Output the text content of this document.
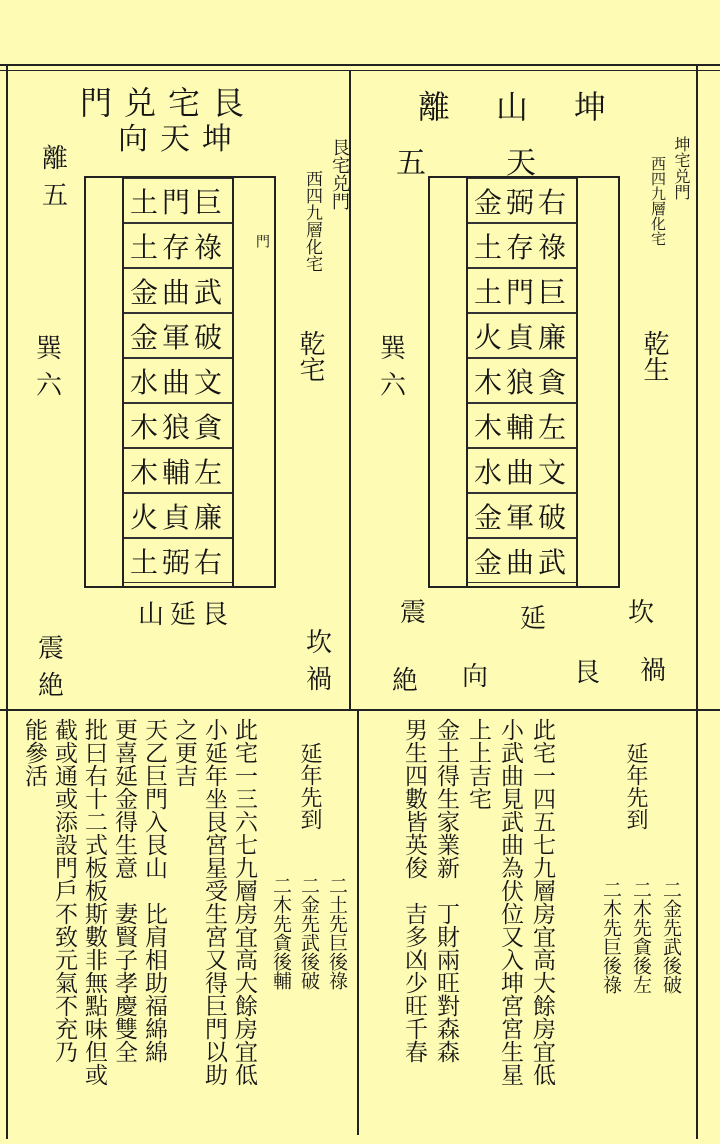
艮宅兑門
坤天向
離五	艮宅兑門
西四九層化宅
門
乾宅
巽六
巨門土
祿存土
武曲金
破軍金
文曲水
貪狼木
左輔木
廉貞火
右弼土
艮延山
震絶
坎禍
坤山離
天五	坤宅兑門
西四九層化宅
乾生
巽六
右弼金
祿存土
巨門土
廉貞火
貪狼木
左輔木
文曲水
破軍金
武曲金
震	延	坎
絶 向	艮 禍
延年先到
二土先巨後祿
二金先武後破
二木先貪後輔
此宅一三六七九層房宜高大餘房宜低
小延年坐艮宮星受生宮又得巨門以助
之更吉
天乙巨門入艮山　比肩相助福綿綿
更喜延金得生意　妻賢子孝慶雙全
批曰右十二式板板斯數非無點味但或
截或通或添設門戶不致元氣不充乃
能參活	延年先到
二金先武後破
二木先貪後左
二木先巨後祿
此宅一四五七九層房宜高大餘房宜低
小武曲見武曲為伏位又入坤宮宮生星
上上吉宅
金土得生家業新　丁財兩旺對森森
男生四數皆英俊　吉多凶少旺千春
